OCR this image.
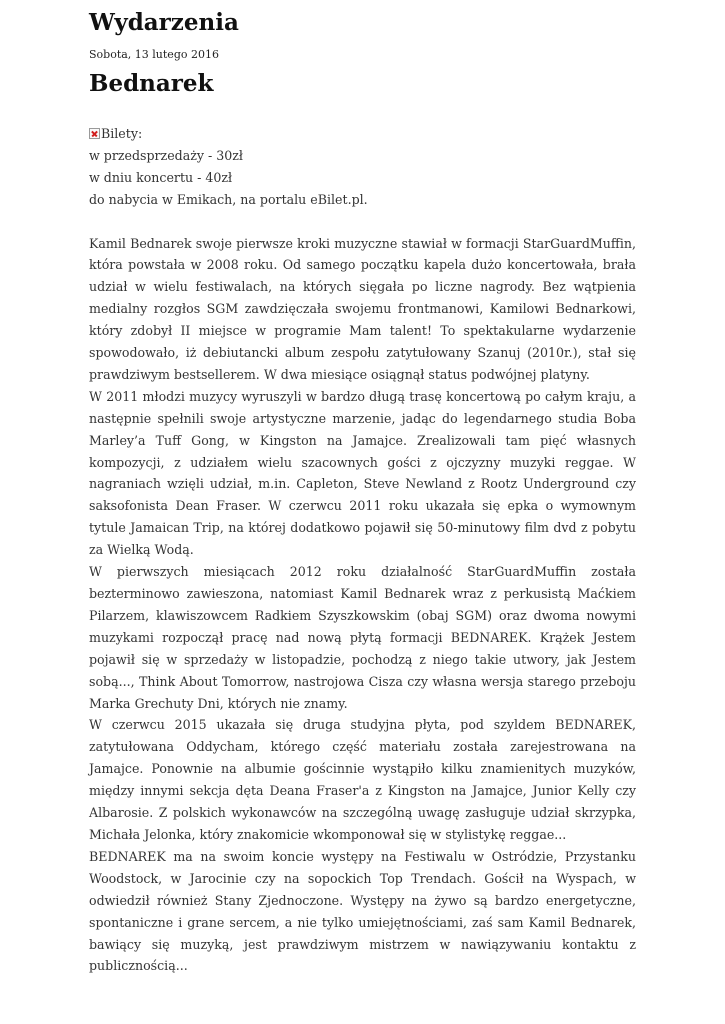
Wydarzenia
Sobota, 13 lutego 2016
Bednarek
Bilety:
w przedsprzedaży - 30zł
w dniu koncertu - 40zł
do nabycia w Emikach, na portalu eBilet.pl.

Kamil Bednarek swoje pierwsze kroki muzyczne stawiał w formacji StarGuardMuffin, która powstała w 2008 roku. Od samego początku kapela dużo koncertowała, brała udział w wielu festiwalach, na których sięgała po liczne nagrody. Bez wątpienia medialny rozgłos SGM zawdzięczała swojemu frontmanowi, Kamilowi Bednarkowi, który zdobył II miejsce w programie Mam talent! To spektakularne wydarzenie spowodowało, iż debiutancki album zespołu zatytułowany Szanuj (2010r.), stał się prawdziwym bestsellerem. W dwa miesiące osiągnął status podwójnej platyny.

W 2011 młodzi muzycy wyruszyli w bardzo długą trasę koncertową po całym kraju, a następnie spełnili swoje artystyczne marzenie, jadąc do legendarnego studia Boba Marley’a Tuff Gong, w Kingston na Jamajce. Zrealizowali tam pięć własnych kompozycji, z udziałem wielu szacownych gości z ojczyzny muzyki reggae. W nagraniach wzięli udział, m.in. Capleton, Steve Newland z Rootz Underground czy saksofonista Dean Fraser. W czerwcu 2011 roku ukazała się epka o wymownym tytule Jamaican Trip, na której dodatkowo pojawił się 50-minutowy film dvd z pobytu za Wielką Wodą.

W pierwszych miesiącach 2012 roku działalność StarGuardMuffin została bezterminowo zawieszona, natomiast Kamil Bednarek wraz z perkusistą Maćkiem Pilarzem, klawiszowcem Radkiem Szyszkowskim (obaj SGM) oraz dwoma nowymi muzykami rozpoczął pracę nad nową płytą formacji BEDNAREK. Krążek Jestem pojawił się w sprzedaży w listopadzie, pochodzą z niego takie utwory, jak Jestem sobą..., Think About Tomorrow, nastrojowa Cisza czy własna wersja starego przeboju Marka Grechuty Dni, których nie znamy.

W czerwcu 2015 ukazała się druga studyjna płyta, pod szyldem BEDNAREK, zatytułowana Oddycham, którego część materiału została zarejestrowana na Jamajce. Ponownie na albumie gościnnie wystąpiło kilku znamienitych muzyków, między innymi sekcja dęta Deana Fraser'a z Kingston na Jamajce, Junior Kelly czy Albarosie. Z polskich wykonawców na szczególną uwagę zasługuje udział skrzypka, Michała Jelonka, który znakomicie wkomponował się w stylistykę reggae...

BEDNAREK ma na swoim koncie występy na Festiwalu w Ostródzie, Przystanku Woodstock, w Jarocinie czy na sopockich Top Trendach. Gościł na Wyspach, w odwiedził również Stany Zjednoczone. Występy na żywo są bardzo energetyczne, spontaniczne i grane sercem, a nie tylko umiejętnościami, zaś sam Kamil Bednarek, bawiący się muzyką, jest prawdziwym mistrzem w nawiązywaniu kontaktu z publicznością...
